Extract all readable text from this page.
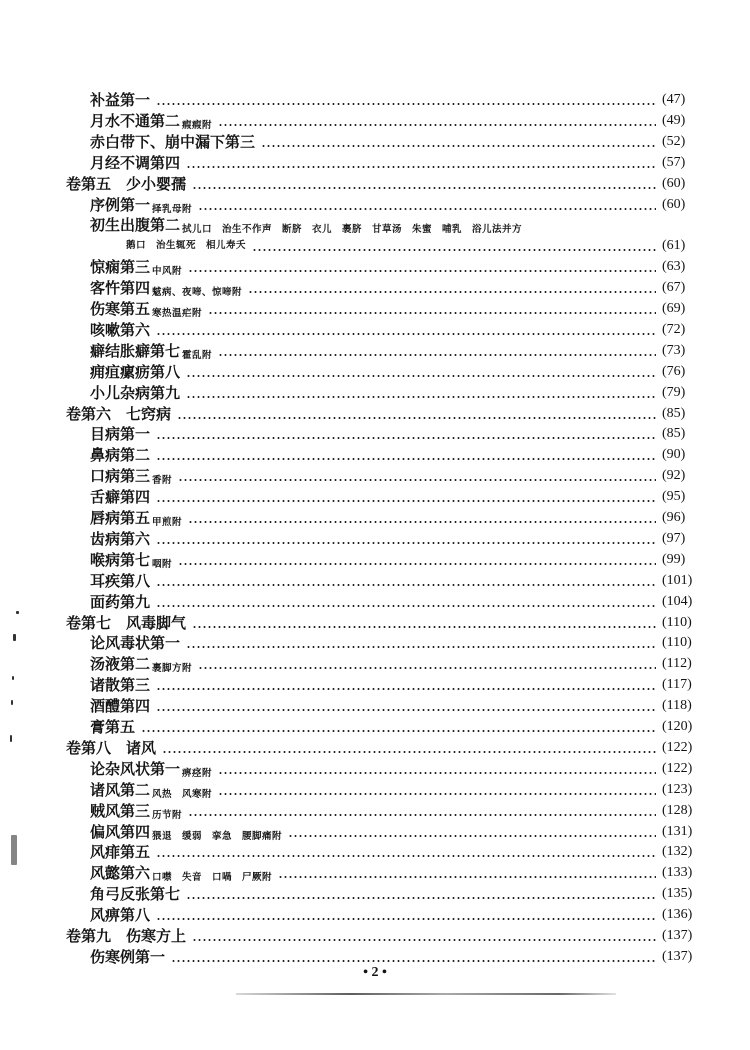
补益第一	(47)
月水不通第二 瘕瘕附	(49)
赤白带下、崩中漏下第三	(52)
月经不调第四	(57)
卷第五　少小婴孺	(60)
序例第一 择乳母附	(60)
初生出腹第二 拭儿口　治生不作声　断脐　衣儿　裹脐　甘草汤　朱蜜　哺乳　浴儿法并方
鹅口　治生辄死　相儿寿夭	(61)
惊痫第三 中风附	(63)
客忤第四 魃病、夜啼、惊啼附	(67)
伤寒第五 寒热温疟附	(69)
咳嗽第六	(72)
癖结胀癖第七 霍乱附	(73)
痈疽瘰疬第八	(76)
小儿杂病第九	(79)
卷第六　七窍病	(85)
目病第一	(85)
鼻病第二	(90)
口病第三 香附	(92)
舌癖第四	(95)
唇病第五 甲煎附	(96)
齿病第六	(97)
喉病第七 咽附	(99)
耳疾第八	(101)
面药第九	(104)
卷第七　风毒脚气	(110)
论风毒状第一	(110)
汤液第二 裹脚方附	(112)
诸散第三	(117)
酒醴第四	(118)
膏第五	(120)
卷第八　诸风	(122)
论杂风状第一 痹痉附	(122)
诸风第二 风热　风寒附	(123)
贼风第三 历节附	(128)
偏风第四 猥退　缓弱　挛急　腰脚痛附	(131)
风痱第五	(132)
风懿第六 口噤　失音　口喎　尸厥附	(133)
角弓反张第七	(135)
风痹第八	(136)
卷第九　伤寒方上	(137)
伤寒例第一	(137)
• 2 •
